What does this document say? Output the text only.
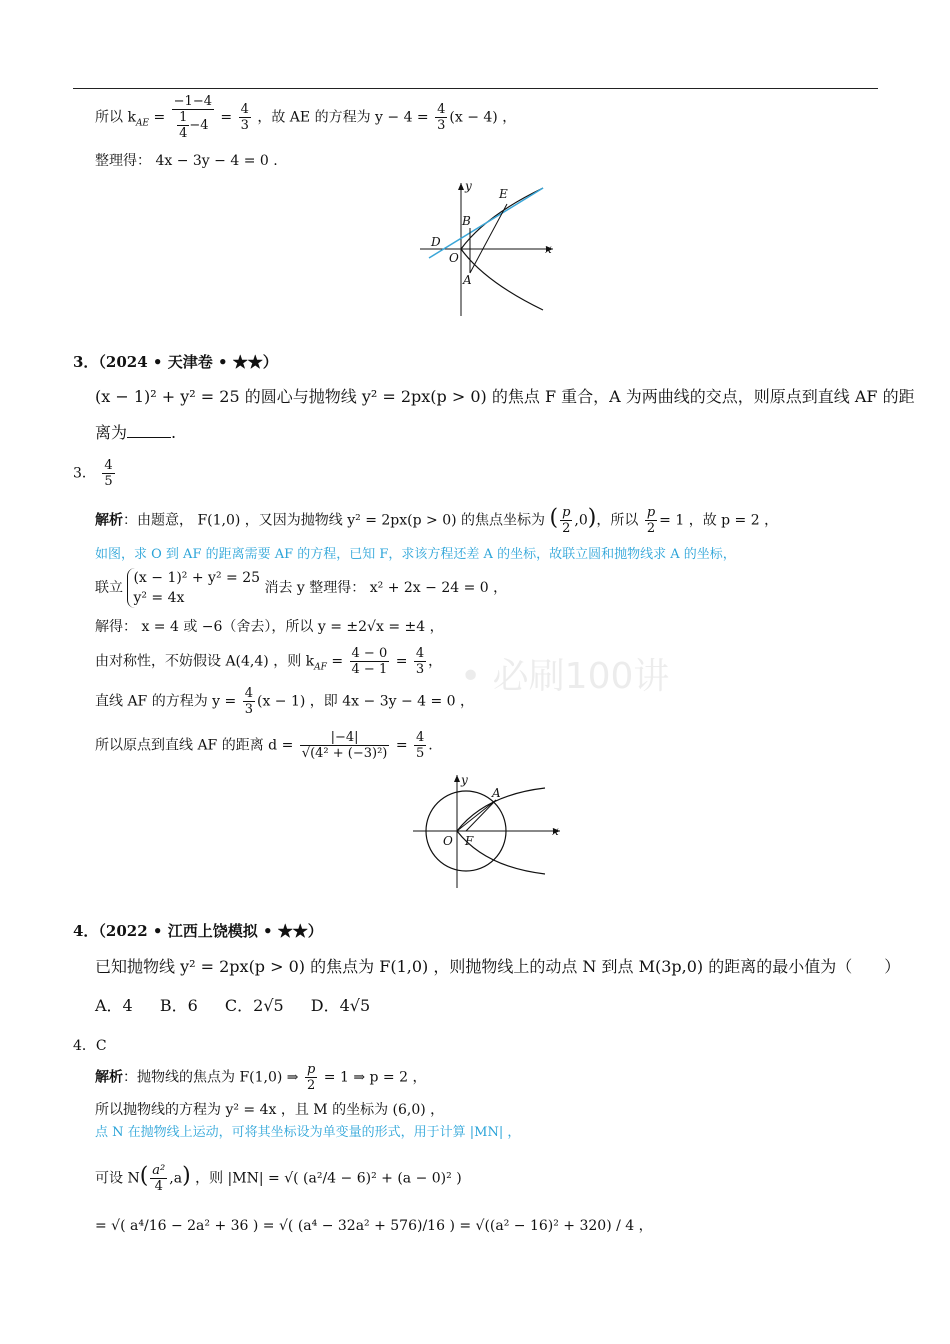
所以 $k_{AE} = \frac{-1-4}{\frac{1}{4} -4} = \frac{4}{3}$ ，故 AE 的方程为 $y - 4 = \frac{4}{3} (x - 4)$ ，
整理得： 4x − 3y − 4 = 0 .
y
E
B
D
O
x
A
3．（2024 • 天津卷 • ★★）
(x − 1)² + y² = 25 的圆心与抛物线 y² = 2px(p > 0) 的焦点 F 重合，A 为两曲线的交点，则原点到直线 AF 的距
离为	.
3． $\frac{4}{5}$
解析：由题意， F(1,0) ，又因为抛物线 y² = 2px(p > 0) 的焦点坐标为 ( $\frac{p}{2} ,0$)，所以 $\frac{p}{2} = 1$ ，故 p = 2 ，
如图，求 O 到 AF 的距离需要 AF 的方程，已知 F，求该方程还差 A 的坐标，故联立圆和抛物线求 A 的坐标，
联立
(x − 1)² + y² = 25
y² = 4x
消去 y 整理得： x² + 2x − 24 = 0 ，
解得： x = 4 或 −6（舍去），所以 y = ±2√x = ±4 ，
由对称性，不妨假设 A(4,4) ，则 $k_{AF} = \frac{4 - 0}{4 - 1} = \frac{4}{3}$ ，
直线 AF 的方程为 $y = \frac{4}{3} (x - 1)$ ，即 4x − 3y − 4 = 0 ，
所以原点到直线 AF 的距离 $d = \frac{|-4|}{\text{√(4² + (−3)²)}} = \frac{4}{5}$ .
• 必刷100讲
y
A
O F
x
4．（2022 • 江西上饶模拟 • ★★）
已知抛物线 y² = 2px(p > 0) 的焦点为 F(1,0) ，则抛物线上的动点 N 到点 M(3p,0) 的距离的最小值为（　　）
A．4 B．6 C．2√5 D．4√5
4．C
解析：抛物线的焦点为 F(1,0) ⇒ $\frac{p}{2} = 1$ ⇒ p = 2 ，
所以抛物线的方程为 y² = 4x ，且 M 的坐标为 (6,0) ，
点 N 在抛物线上运动，可将其坐标设为单变量的形式，用于计算 |MN| ，
可设 $N( \frac{\text{a²}}{4} ,a)$ ，则 |MN| = √( (a²/4 − 6)² + (a − 0)² )
= √( a⁴/16 − 2a² + 36 ) = √( (a⁴ − 32a² + 576)/16 ) = √((a² − 16)² + 320) / 4 ，
